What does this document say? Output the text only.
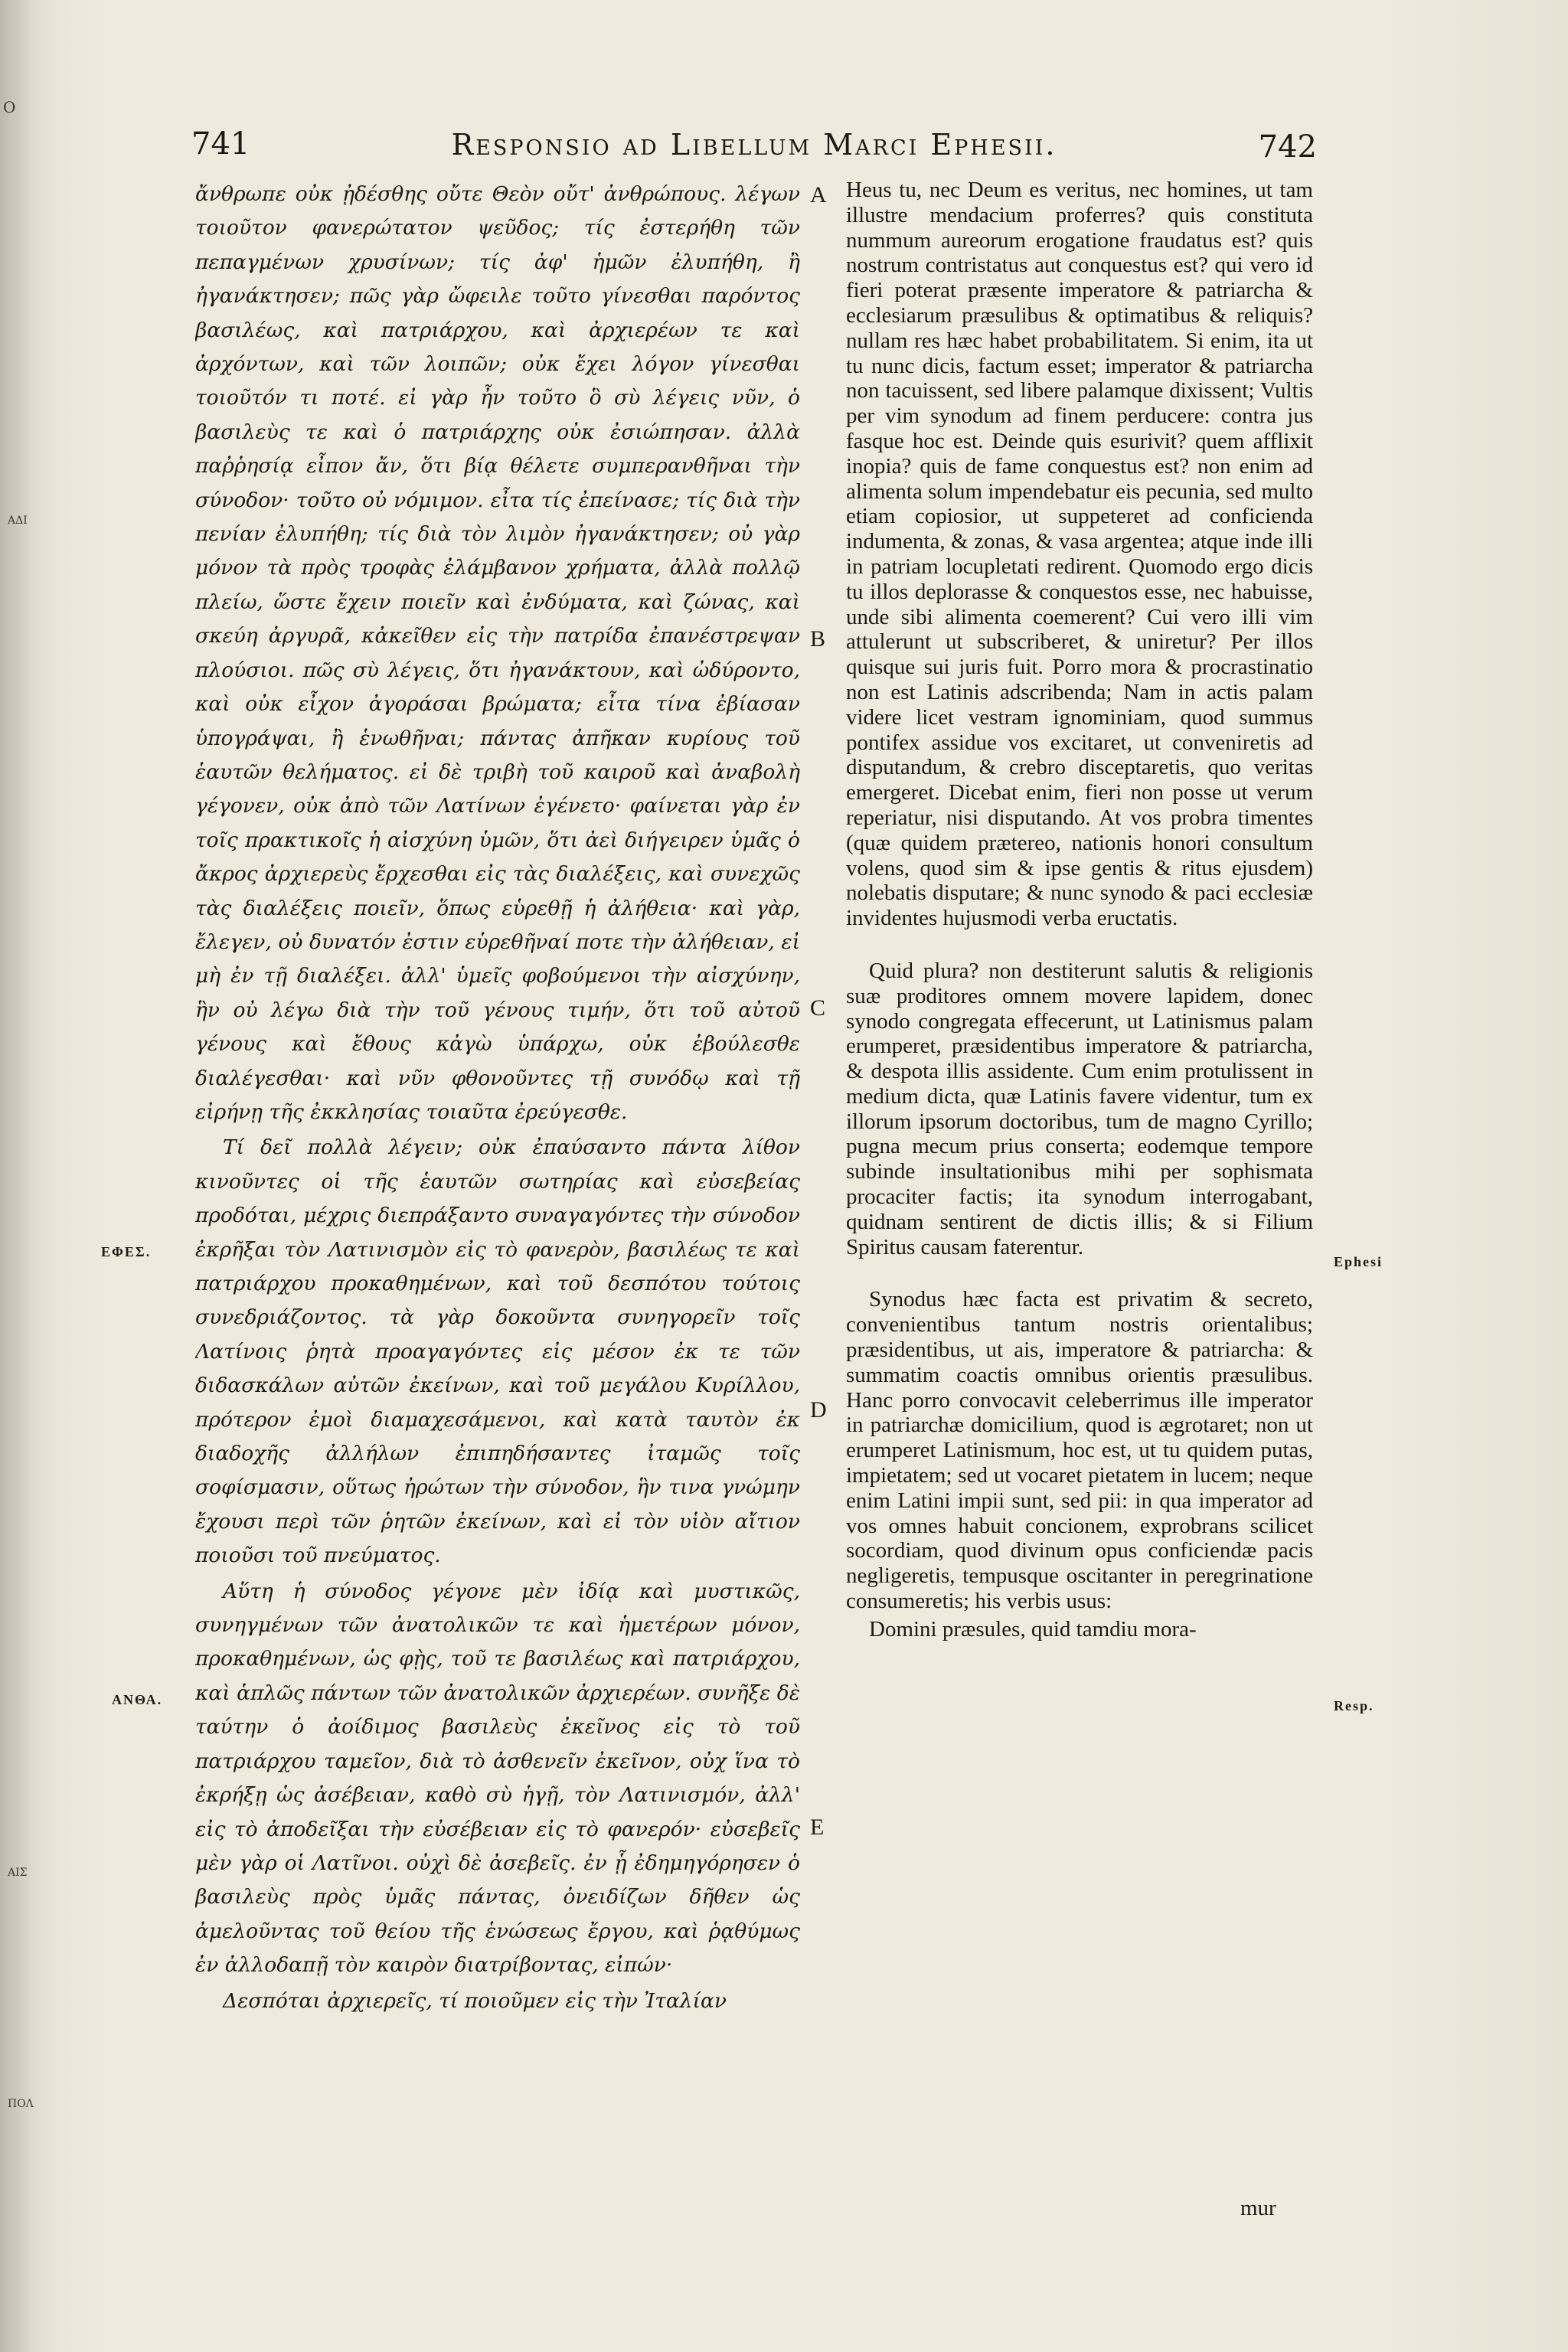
O
ΑΔΙ
ΑΙΣ
ΠΟΛ
741	Responsio ad Libellum Marci Ephesii.	742

ἄνθρωπε οὐκ ᾐδέσθης οὔτε Θεὸν οὔτ' ἀνθρώπους. λέγων τοιοῦτον φανερώτατον ψεῦδος; τίς ἐστερήθη τῶν πεπαγμένων χρυσίνων; τίς ἀφ' ἡμῶν ἐλυπήθη, ἢ ἠγανάκτησεν; πῶς γὰρ ὤφειλε τοῦτο γίνεσθαι παρόντος βασιλέως, καὶ πατριάρχου, καὶ ἀρχιερέων τε καὶ ἀρχόντων, καὶ τῶν λοιπῶν; οὐκ ἔχει λόγον γίνεσθαι τοιοῦτόν τι ποτέ. εἰ γὰρ ἦν τοῦτο ὃ σὺ λέγεις νῦν, ὁ βασιλεὺς τε καὶ ὁ πατριάρχης οὐκ ἐσιώπησαν. ἀλλὰ παῤῥησίᾳ εἶπον ἄν, ὅτι βίᾳ θέλετε συμπερανθῆναι τὴν σύνοδον· τοῦτο οὐ νόμιμον. εἶτα τίς ἐπείνασε; τίς διὰ τὴν πενίαν ἐλυπήθη; τίς διὰ τὸν λιμὸν ἠγανάκτησεν; οὐ γὰρ μόνον τὰ πρὸς τροφὰς ἐλάμβανον χρήματα, ἀλλὰ πολλῷ πλείω, ὥστε ἔχειν ποιεῖν καὶ ἐνδύματα, καὶ ζώνας, καὶ σκεύη ἀργυρᾶ, κἀκεῖθεν εἰς τὴν πατρίδα ἐπανέστρεψαν πλούσιοι. πῶς σὺ λέγεις, ὅτι ἠγανάκτουν, καὶ ὠδύροντο, καὶ οὐκ εἶχον ἀγοράσαι βρώματα; εἶτα τίνα ἐβίασαν ὑπογράψαι, ἢ ἑνωθῆναι; πάντας ἀπῆκαν κυρίους τοῦ ἑαυτῶν θελήματος. εἰ δὲ τριβὴ τοῦ καιροῦ καὶ ἀναβολὴ γέγονεν, οὐκ ἀπὸ τῶν Λατίνων ἐγένετο· φαίνεται γὰρ ἐν τοῖς πρακτικοῖς ἡ αἰσχύνη ὑμῶν, ὅτι ἀεὶ διήγειρεν ὑμᾶς ὁ ἄκρος ἀρχιερεὺς ἔρχεσθαι εἰς τὰς διαλέξεις, καὶ συνεχῶς τὰς διαλέξεις ποιεῖν, ὅπως εὑρεθῇ ἡ ἀλήθεια· καὶ γὰρ, ἔλεγεν, οὐ δυνατόν ἐστιν εὑρεθῆναί ποτε τὴν ἀλήθειαν, εἰ μὴ ἐν τῇ διαλέξει. ἀλλ' ὑμεῖς φοβούμενοι τὴν αἰσχύνην, ἣν οὐ λέγω διὰ τὴν τοῦ γένους τιμήν, ὅτι τοῦ αὐτοῦ γένους καὶ ἔθους κἀγὼ ὑπάρχω, οὐκ ἐβούλεσθε διαλέγεσθαι· καὶ νῦν φθονοῦντες τῇ συνόδῳ καὶ τῇ εἰρήνῃ τῆς ἐκκλησίας τοιαῦτα ἐρεύγεσθε.

Τί δεῖ πολλὰ λέγειν; οὐκ ἐπαύσαντο πάντα λίθον κινοῦντες οἱ τῆς ἑαυτῶν σωτηρίας καὶ εὐσεβείας προδόται, μέχρις διεπράξαντο συναγαγόντες τὴν σύνοδον ἐκρῆξαι τὸν Λατινισμὸν εἰς τὸ φανερὸν, βασιλέως τε καὶ πατριάρχου προκαθημένων, καὶ τοῦ δεσπότου τούτοις συνεδριάζοντος. τὰ γὰρ δοκοῦντα συνηγορεῖν τοῖς Λατίνοις ῥητὰ προαγαγόντες εἰς μέσον ἐκ τε τῶν διδασκάλων αὐτῶν ἐκείνων, καὶ τοῦ μεγάλου Κυρίλλου, πρότερον ἐμοὶ διαμαχεσάμενοι, καὶ κατὰ ταυτὸν ἐκ διαδοχῆς ἀλλήλων ἐπιπηδήσαντες ἰταμῶς τοῖς σοφίσμασιν, οὕτως ἠρώτων τὴν σύνοδον, ἣν τινα γνώμην ἔχουσι περὶ τῶν ῥητῶν ἐκείνων, καὶ εἰ τὸν υἱὸν αἴτιον ποιοῦσι τοῦ πνεύματος.

Αὕτη ἡ σύνοδος γέγονε μὲν ἰδίᾳ καὶ μυστικῶς, συνηγμένων τῶν ἀνατολικῶν τε καὶ ἡμετέρων μόνον, προκαθημένων, ὡς φῂς, τοῦ τε βασιλέως καὶ πατριάρχου, καὶ ἁπλῶς πάντων τῶν ἀνατολικῶν ἀρχιερέων. συνῆξε δὲ ταύτην ὁ ἀοίδιμος βασιλεὺς ἐκεῖνος εἰς τὸ τοῦ πατριάρχου ταμεῖον, διὰ τὸ ἀσθενεῖν ἐκεῖνον, οὐχ ἵνα τὸ ἐκρήξῃ ὡς ἀσέβειαν, καθὸ σὺ ἡγῇ, τὸν Λατινισμόν, ἀλλ' εἰς τὸ ἀποδεῖξαι τὴν εὐσέβειαν εἰς τὸ φανερόν· εὐσεβεῖς μὲν γὰρ οἱ Λατῖνοι. οὐχὶ δὲ ἀσεβεῖς. ἐν ᾗ ἐδημηγόρησεν ὁ βασιλεὺς πρὸς ὑμᾶς πάντας, ὀνειδίζων δῆθεν ὡς ἀμελοῦντας τοῦ θείου τῆς ἑνώσεως ἔργου, καὶ ῥᾳθύμως ἐν ἀλλοδαπῇ τὸν καιρὸν διατρίβοντας, εἰπών·

Δεσπόται ἀρχιερεῖς, τί ποιοῦμεν εἰς τὴν Ἰταλίαν

A
B
C
D
E
ΕΦΕΣ.
ΑΝΘΑ.

Heus tu, nec Deum es veritus, nec homines, ut tam illustre mendacium proferres? quis constituta nummum aureorum erogatione fraudatus est? quis nostrum contristatus aut conquestus est? qui vero id fieri poterat præsente imperatore & patriarcha & ecclesiarum præsulibus & optimatibus & reliquis? nullam res hæc habet probabilitatem. Si enim, ita ut tu nunc dicis, factum esset; imperator & patriarcha non tacuissent, sed libere palamque dixissent; Vultis per vim synodum ad finem perducere: contra jus fasque hoc est. Deinde quis esurivit? quem afflixit inopia? quis de fame conquestus est? non enim ad alimenta solum impendebatur eis pecunia, sed multo etiam copiosior, ut suppeteret ad conficienda indumenta, & zonas, & vasa argentea; atque inde illi in patriam locupletati redirent. Quomodo ergo dicis tu illos deplorasse & conquestos esse, nec habuisse, unde sibi alimenta coemerent? Cui vero illi vim attulerunt ut subscriberet, & uniretur? Per illos quisque sui juris fuit. Porro mora & procrastinatio non est Latinis adscribenda; Nam in actis palam videre licet vestram ignominiam, quod summus pontifex assidue vos excitaret, ut conveniretis ad disputandum, & crebro disceptaretis, quo veritas emergeret. Dicebat enim, fieri non posse ut verum reperiatur, nisi disputando. At vos probra timentes (quæ quidem prætereo, nationis honori consultum volens, quod sim & ipse gentis & ritus ejusdem) nolebatis disputare; & nunc synodo & paci ecclesiæ invidentes hujusmodi verba eructatis.

Quid plura? non destiterunt salutis & religionis suæ proditores omnem movere lapidem, donec synodo congregata effecerunt, ut Latinismus palam erumperet, præsidentibus imperatore & patriarcha, & despota illis assidente. Cum enim protulissent in medium dicta, quæ Latinis favere videntur, tum ex illorum ipsorum doctoribus, tum de magno Cyrillo; pugna mecum prius conserta; eodemque tempore subinde insultationibus mihi per sophismata procaciter factis; ita synodum interrogabant, quidnam sentirent de dictis illis; & si Filium Spiritus causam faterentur.

Synodus hæc facta est privatim & secreto, convenientibus tantum nostris orientalibus; præsidentibus, ut ais, imperatore & patriarcha: & summatim coactis omnibus orientis præsulibus. Hanc porro convocavit celeberrimus ille imperator in patriarchæ domicilium, quod is ægrotaret; non ut erumperet Latinismum, hoc est, ut tu quidem putas, impietatem; sed ut vocaret pietatem in lucem; neque enim Latini impii sunt, sed pii: in qua imperator ad vos omnes habuit concionem, exprobrans scilicet socordiam, quod divinum opus conficiendæ pacis negligeretis, tempusque oscitanter in peregrinatione consumeretis; his verbis usus:

Domini præsules, quid tamdiu mora-

Ephesi
Resp.
mur
